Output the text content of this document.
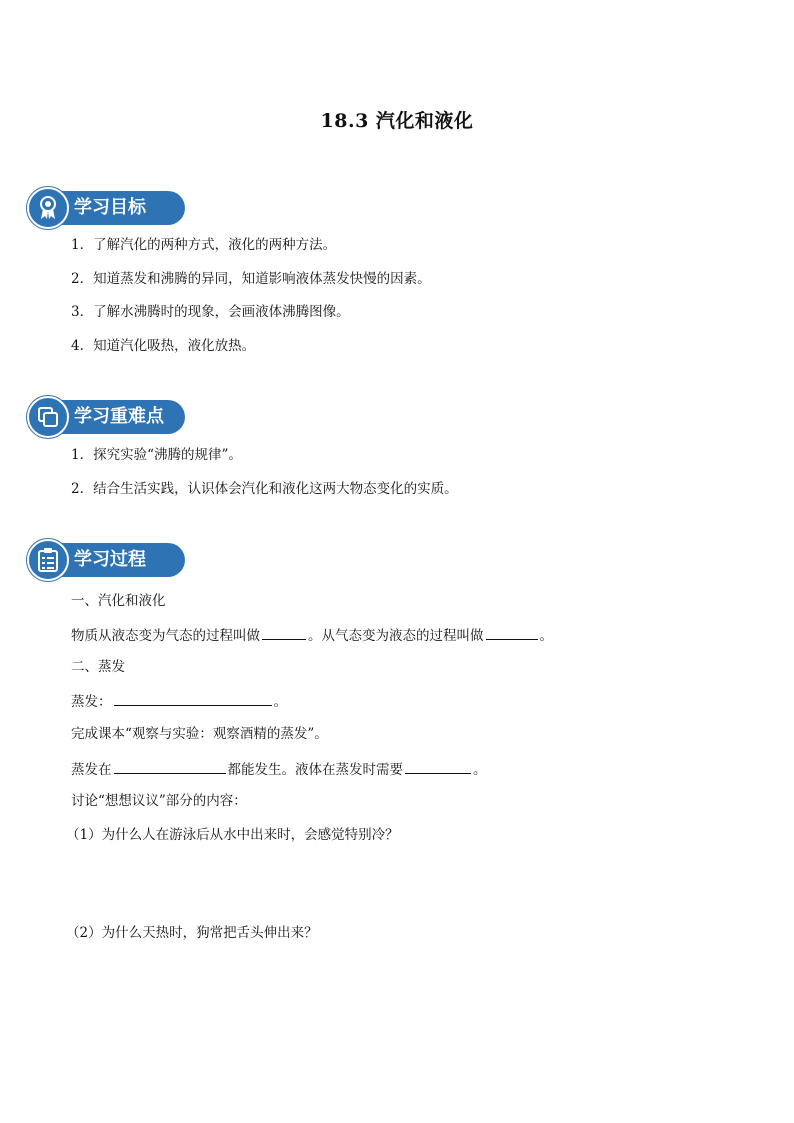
18.3 汽化和液化
学习目标
1．了解汽化的两种方式，液化的两种方法。
2．知道蒸发和沸腾的异同，知道影响液体蒸发快慢的因素。
3．了解水沸腾时的现象，会画液体沸腾图像。
4．知道汽化吸热，液化放热。
学习重难点
1．探究实验“沸腾的规律”。
2．结合生活实践，认识体会汽化和液化这两大物态变化的实质。
学习过程
一、汽化和液化
物质从液态变为气态的过程叫做	。从气态变为液态的过程叫做	。
二、蒸发
蒸发：	。
完成课本“观察与实验：观察酒精的蒸发”。
蒸发在	都能发生。液体在蒸发时需要	。
讨论“想想议议”部分的内容：
（1）为什么人在游泳后从水中出来时，会感觉特别冷？
（2）为什么天热时，狗常把舌头伸出来？
